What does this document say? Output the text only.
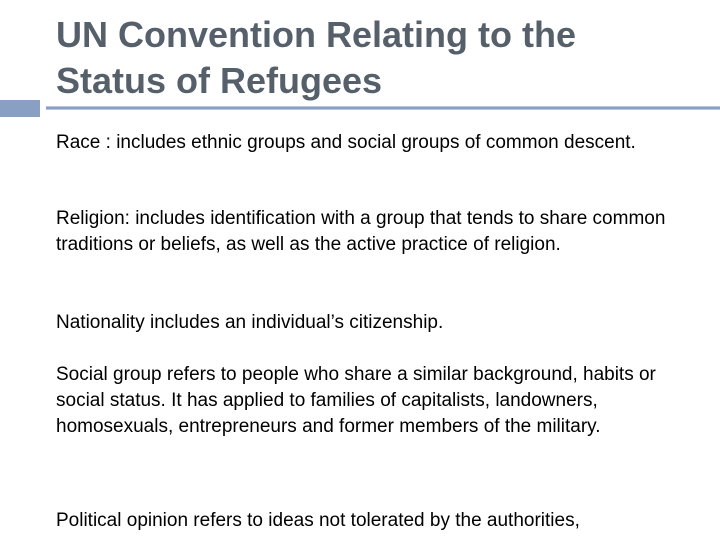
UN Convention Relating to the
Status of Refugees

Race : includes ethnic groups and social groups of common descent.

Religion: includes identification with a group that tends to share common traditions or beliefs, as well as the active practice of religion.

Nationality includes an individual’s citizenship.

Social group refers to people who share a similar background, habits or social status. It has applied to families of capitalists, landowners, homosexuals, entrepreneurs and former members of the military.

Political opinion refers to ideas not tolerated by the authorities,
